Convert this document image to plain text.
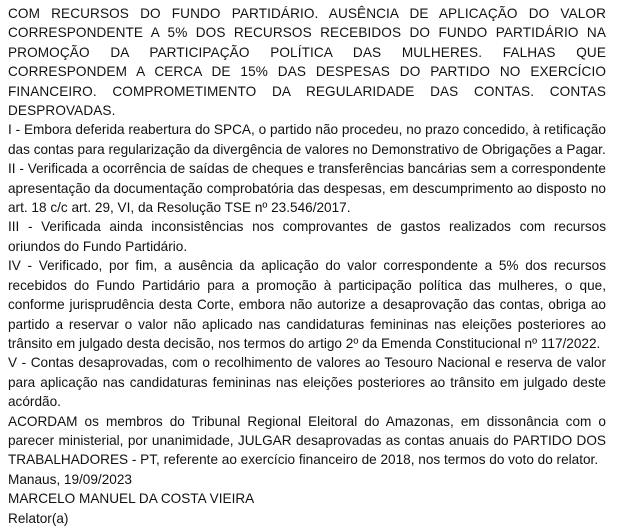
COM RECURSOS DO FUNDO PARTIDÁRIO. AUSÊNCIA DE APLICAÇÃO DO VALOR CORRESPONDENTE A 5% DOS RECURSOS RECEBIDOS DO FUNDO PARTIDÁRIO NA PROMOÇÃO DA PARTICIPAÇÃO POLÍTICA DAS MULHERES. FALHAS QUE CORRESPONDEM A CERCA DE 15% DAS DESPESAS DO PARTIDO NO EXERCÍCIO FINANCEIRO. COMPROMETIMENTO DA REGULARIDADE DAS CONTAS. CONTAS DESPROVADAS.

I - Embora deferida reabertura do SPCA, o partido não procedeu, no prazo concedido, à retificação das contas para regularização da divergência de valores no Demonstrativo de Obrigações a Pagar.

II - Verificada a ocorrência de saídas de cheques e transferências bancárias sem a correspondente apresentação da documentação comprobatória das despesas, em descumprimento ao disposto no art. 18 c/c art. 29, VI, da Resolução TSE nº 23.546/2017.

III - Verificada ainda inconsistências nos comprovantes de gastos realizados com recursos oriundos do Fundo Partidário.

IV - Verificado, por fim, a ausência da aplicação do valor correspondente a 5% dos recursos recebidos do Fundo Partidário para a promoção à participação política das mulheres, o que, conforme jurisprudência desta Corte, embora não autorize a desaprovação das contas, obriga ao partido a reservar o valor não aplicado nas candidaturas femininas nas eleições posteriores ao trânsito em julgado desta decisão, nos termos do artigo 2º da Emenda Constitucional nº 117/2022.

V - Contas desaprovadas, com o recolhimento de valores ao Tesouro Nacional e reserva de valor para aplicação nas candidaturas femininas nas eleições posteriores ao trânsito em julgado deste acórdão.

ACORDAM os membros do Tribunal Regional Eleitoral do Amazonas, em dissonância com o parecer ministerial, por unanimidade, JULGAR desaprovadas as contas anuais do PARTIDO DOS TRABALHADORES - PT, referente ao exercício financeiro de 2018, nos termos do voto do relator.

Manaus, 19/09/2023

MARCELO MANUEL DA COSTA VIEIRA

Relator(a)
